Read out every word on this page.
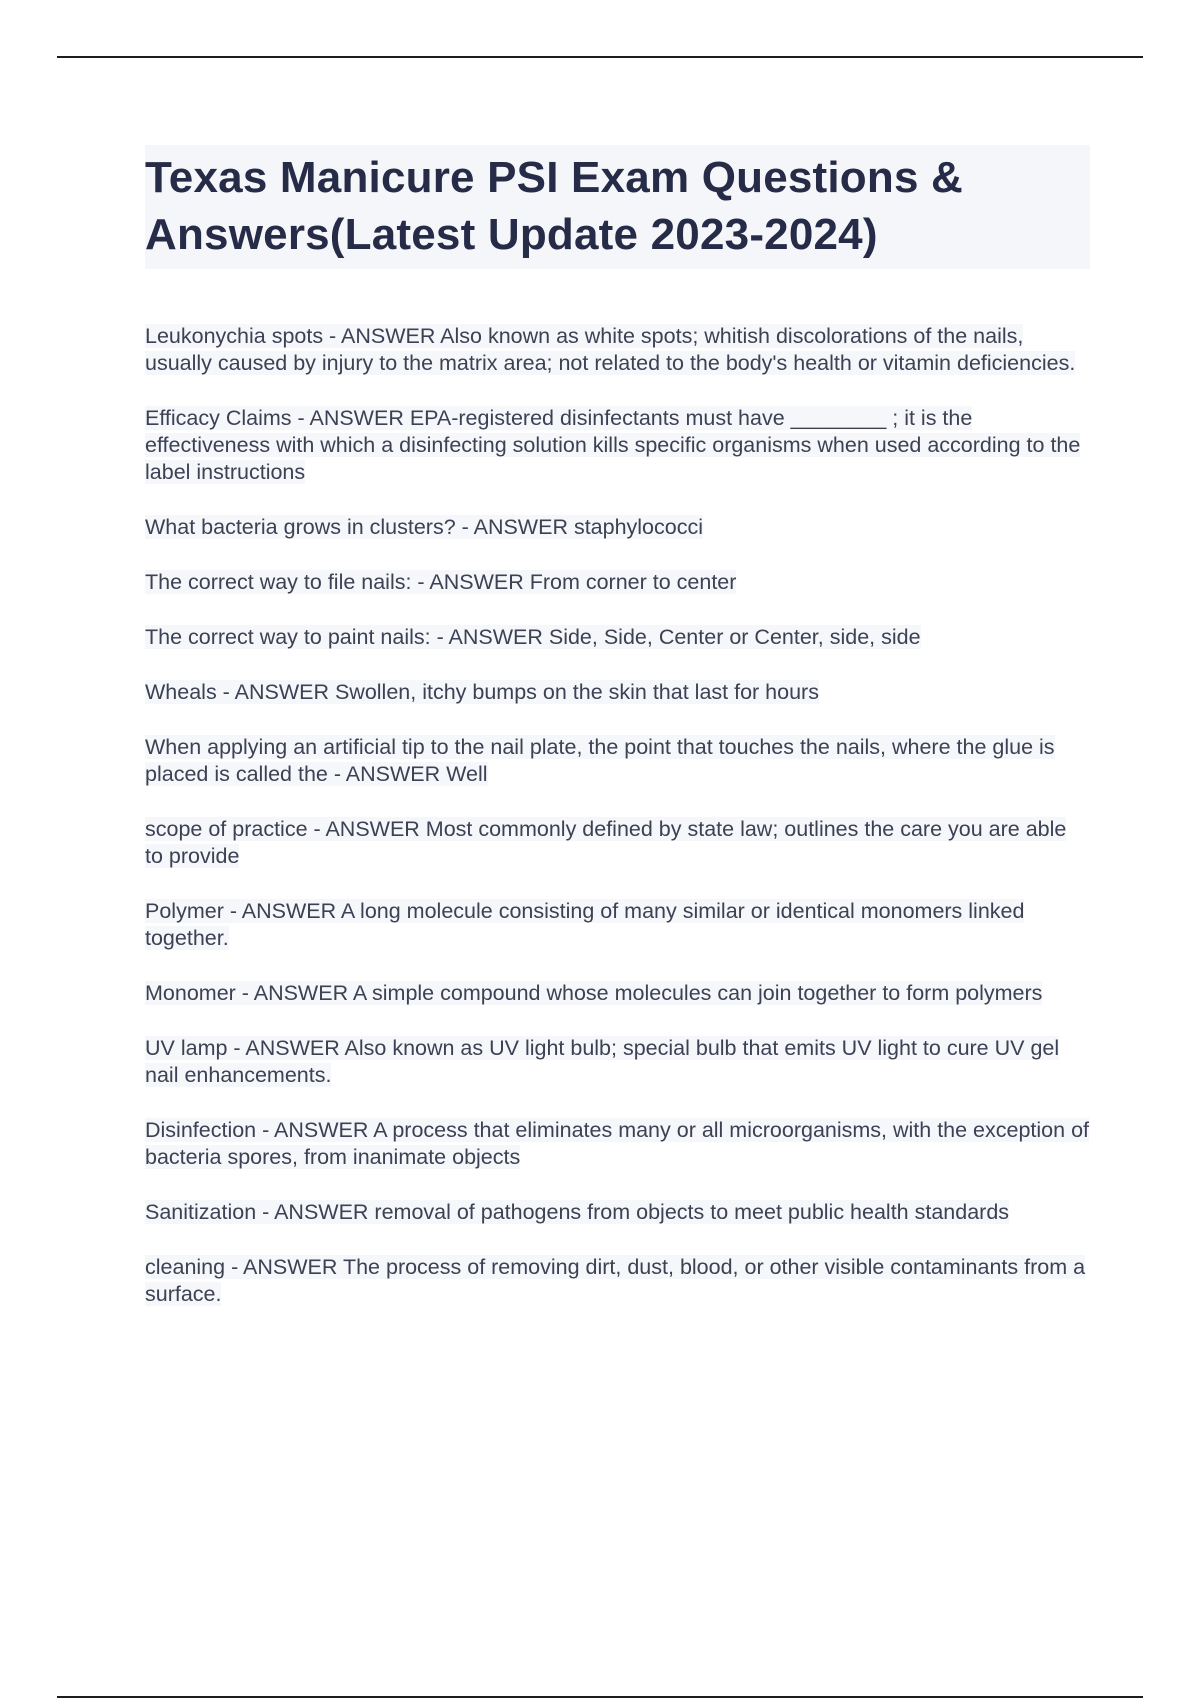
Texas Manicure PSI Exam Questions & Answers(Latest Update 2023-2024)
Leukonychia spots - ANSWER Also known as white spots; whitish discolorations of the nails, usually caused by injury to the matrix area; not related to the body's health or vitamin deficiencies.
Efficacy Claims - ANSWER EPA-registered disinfectants must have ________ ; it is the effectiveness with which a disinfecting solution kills specific organisms when used according to the label instructions
What bacteria grows in clusters? - ANSWER staphylococci
The correct way to file nails: - ANSWER From corner to center
The correct way to paint nails: - ANSWER Side, Side, Center or Center, side, side
Wheals - ANSWER Swollen, itchy bumps on the skin that last for hours
When applying an artificial tip to the nail plate, the point that touches the nails, where the glue is placed is called the - ANSWER Well
scope of practice - ANSWER Most commonly defined by state law; outlines the care you are able to provide
Polymer - ANSWER A long molecule consisting of many similar or identical monomers linked together.
Monomer - ANSWER A simple compound whose molecules can join together to form polymers
UV lamp - ANSWER Also known as UV light bulb; special bulb that emits UV light to cure UV gel nail enhancements.
Disinfection - ANSWER A process that eliminates many or all microorganisms, with the exception of bacteria spores, from inanimate objects
Sanitization - ANSWER removal of pathogens from objects to meet public health standards
cleaning - ANSWER The process of removing dirt, dust, blood, or other visible contaminants from a surface.
